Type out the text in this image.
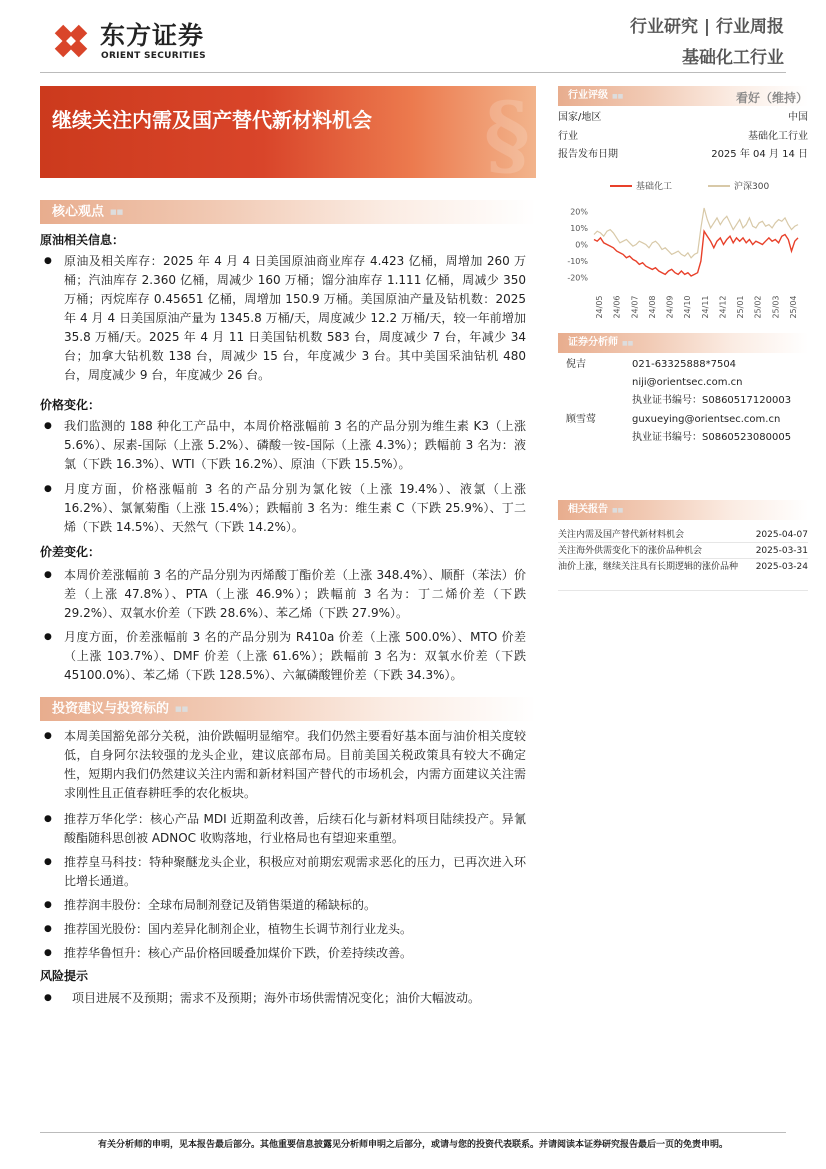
东方证券
ORIENT SECURITIES
行业研究 | 行业周报
基础化工行业
§
继续关注内需及国产替代新材料机会
行业评级 ■■	看好（维持）
国家/地区	中国
行业	基础化工行业
报告发布日期	2025 年 04 月 14 日
基础化工	沪深300
20%
10%
0%
-10%
-20%
24/05 24/06 24/07 24/08 24/09 24/10 24/11 24/12 25/01 25/02 25/03 25/04
证券分析师 ■■
倪吉	021-63325888*7504
niji@orientsec.com.cn
执业证书编号：S0860517120003
顾雪莺	guxueying@orientsec.com.cn
执业证书编号：S0860523080005
相关报告 ■■
关注内需及国产替代新材料机会	2025-04-07
关注海外供需变化下的涨价品种机会	2025-03-31
油价上涨，继续关注具有长期逻辑的涨价品种 2025-03-24
核心观点 ■■
原油相关信息：
● 原油及相关库存：2025 年 4 月 4 日美国原油商业库存 4.423 亿桶，周增加 260 万桶；汽油库存 2.360 亿桶，周减少 160 万桶；馏分油库存 1.111 亿桶，周减少 350 万桶；丙烷库存 0.45651 亿桶，周增加 150.9 万桶。美国原油产量及钻机数：2025 年 4 月 4 日美国原油产量为 1345.8 万桶/天，周度减少 12.2 万桶/天，较一年前增加 35.8 万桶/天。2025 年 4 月 11 日美国钻机数 583 台，周度减少 7 台，年减少 34 台；加拿大钻机数 138 台，周减少 15 台，年度减少 3 台。其中美国采油钻机 480 台，周度减少 9 台，年度减少 26 台。
价格变化：
● 我们监测的 188 种化工产品中，本周价格涨幅前 3 名的产品分别为维生素 K3（上涨 5.6%）、尿素-国际（上涨 5.2%）、磷酸一铵-国际（上涨 4.3%）；跌幅前 3 名为：液氯（下跌 16.3%）、WTI（下跌 16.2%）、原油（下跌 15.5%）。
● 月度方面，价格涨幅前 3 名的产品分别为氯化铵（上涨 19.4%）、液氯（上涨 16.2%）、氯氰菊酯（上涨 15.4%）；跌幅前 3 名为：维生素 C（下跌 25.9%）、丁二烯（下跌 14.5%）、天然气（下跌 14.2%）。
价差变化：
● 本周价差涨幅前 3 名的产品分别为丙烯酸丁酯价差（上涨 348.4%）、顺酐（苯法）价差（上涨 47.8%）、PTA（上涨 46.9%）；跌幅前 3 名为：丁二烯价差（下跌 29.2%）、双氧水价差（下跌 28.6%）、苯乙烯（下跌 27.9%）。
● 月度方面，价差涨幅前 3 名的产品分别为 R410a 价差（上涨 500.0%）、MTO 价差（上涨 103.7%）、DMF 价差（上涨 61.6%）；跌幅前 3 名为：双氧水价差（下跌 45100.0%）、苯乙烯（下跌 128.5%）、六氟磷酸锂价差（下跌 34.3%）。
投资建议与投资标的 ■■
● 本周美国豁免部分关税，油价跌幅明显缩窄。我们仍然主要看好基本面与油价相关度较低，自身阿尔法较强的龙头企业，建议底部布局。目前美国关税政策具有较大不确定性，短期内我们仍然建议关注内需和新材料国产替代的市场机会，内需方面建议关注需求刚性且正值春耕旺季的农化板块。
● 推荐万华化学：核心产品 MDI 近期盈利改善，后续石化与新材料项目陆续投产。异氰酸酯随科思创被 ADNOC 收购落地，行业格局也有望迎来重塑。
● 推荐皇马科技：特种聚醚龙头企业，积极应对前期宏观需求恶化的压力，已再次进入环比增长通道。
● 推荐润丰股份：全球布局制剂登记及销售渠道的稀缺标的。
● 推荐国光股份：国内差异化制剂企业，植物生长调节剂行业龙头。
● 推荐华鲁恒升：核心产品价格回暖叠加煤价下跌，价差持续改善。
风险提示
● 项目进展不及预期；需求不及预期；海外市场供需情况变化；油价大幅波动。
有关分析师的申明，见本报告最后部分。其他重要信息披露见分析师申明之后部分，或请与您的投资代表联系。并请阅读本证券研究报告最后一页的免责申明。
